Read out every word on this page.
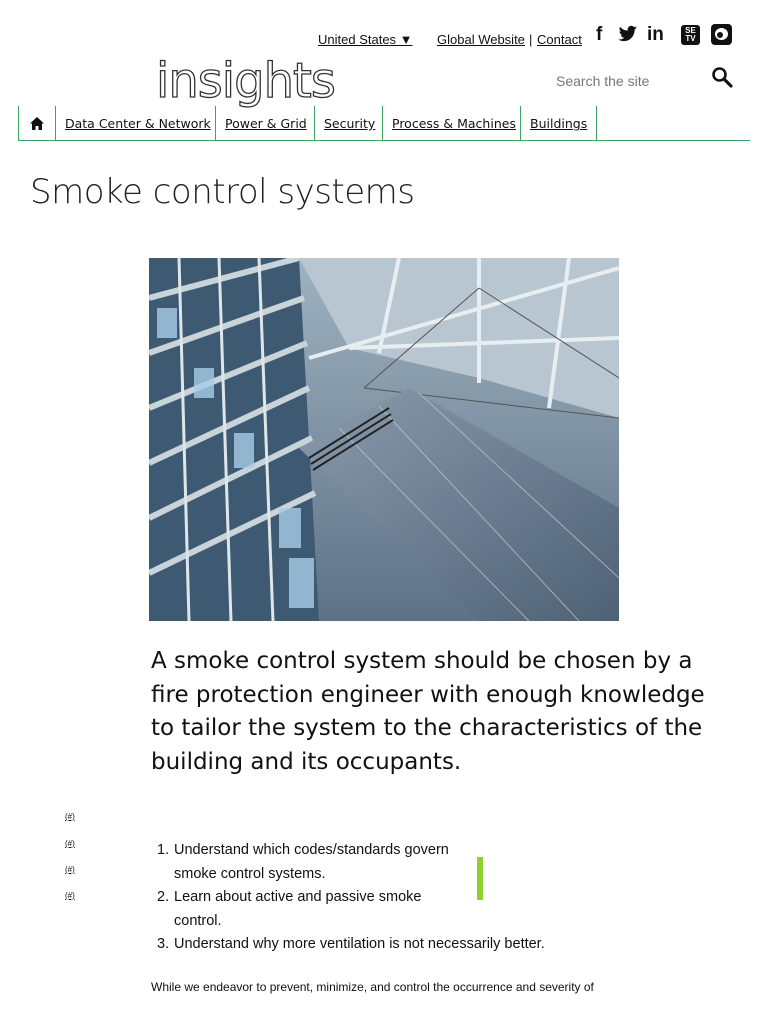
United States ▼ Global Website | Contact f in	SE
TV
insights
Search the site
Data Center & Network	Power & Grid	Security	Process & Machines	Buildings
Smoke control systems

A smoke control system should be chosen by a fire protection engineer with enough knowledge to tailor the system to the characteristics of the building and its occupants.

(#)
(#)
(#)
(#)
1. Understand which codes/standards govern smoke control systems.
2. Learn about active and passive smoke control.
3. Understand why more ventilation is not necessarily better.

While we endeavor to prevent, minimize, and control the occurrence and severity of
